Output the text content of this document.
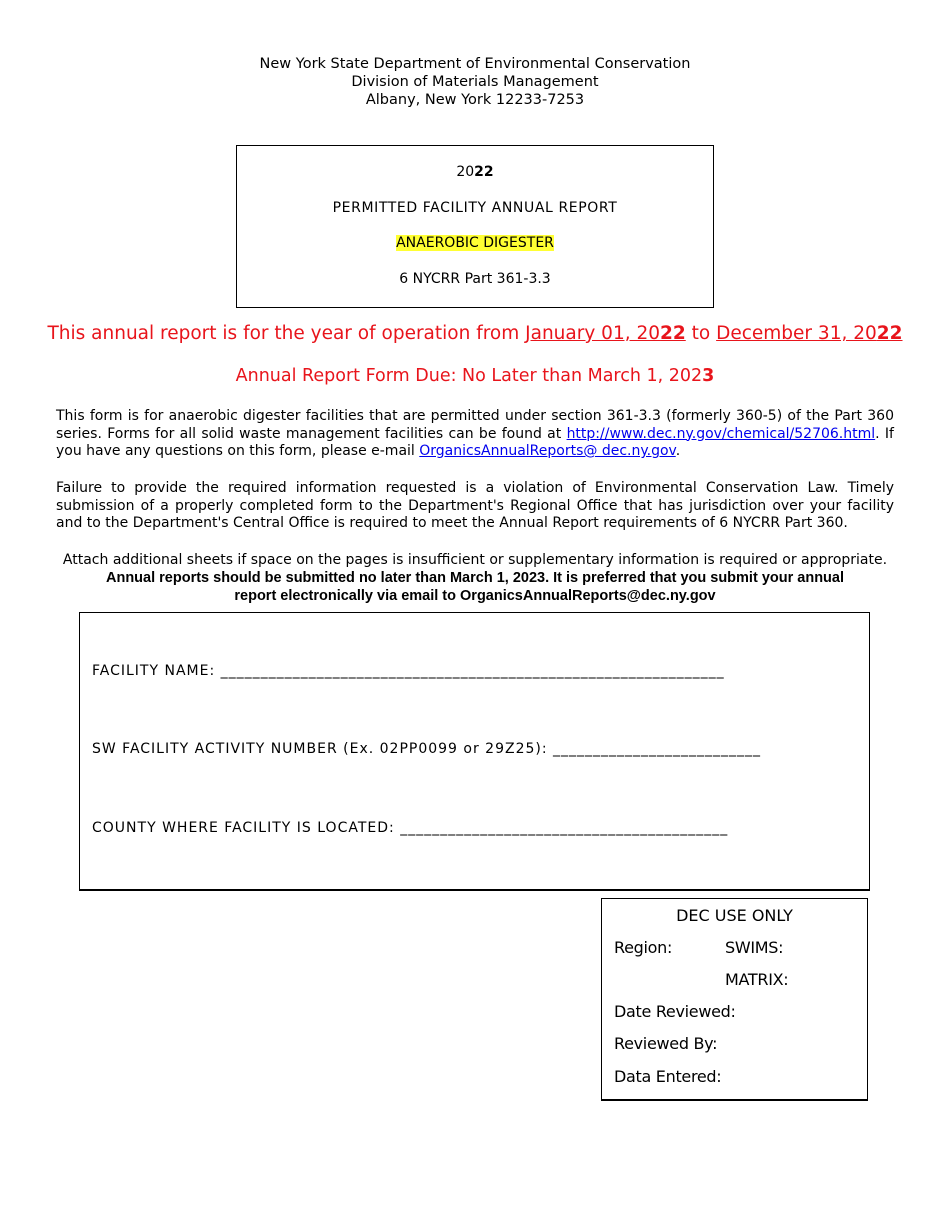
New York State Department of Environmental Conservation
Division of Materials Management
Albany, New York 12233-7253
2022
PERMITTED FACILITY ANNUAL REPORT
ANAEROBIC DIGESTER
6 NYCRR Part 361-3.3
This annual report is for the year of operation from January 01, 2022 to December 31, 2022
Annual Report Form Due: No Later than March 1, 2023
This form is for anaerobic digester facilities that are permitted under section 361-3.3 (formerly 360-5) of the Part 360 series. Forms for all solid waste management facilities can be found at http://www.dec.ny.gov/chemical/52706.html. If you have any questions on this form, please e-mail OrganicsAnnualReports@ dec.ny.gov.
Failure to provide the required information requested is a violation of Environmental Conservation Law. Timely submission of a properly completed form to the Department's Regional Office that has jurisdiction over your facility and to the Department's Central Office is required to meet the Annual Report requirements of 6 NYCRR Part 360.
Attach additional sheets if space on the pages is insufficient or supplementary information is required or appropriate.
Annual reports should be submitted no later than March 1, 2023. It is preferred that you submit your annual
report electronically via email to OrganicsAnnualReports@dec.ny.gov
FACILITY NAME: _______________________________________________________________
SW FACILITY ACTIVITY NUMBER (Ex. 02PP0099 or 29Z25): __________________________
COUNTY WHERE FACILITY IS LOCATED: _________________________________________
DEC USE ONLY
Region:	SWIMS:
MATRIX:
Date Reviewed:
Reviewed By:
Data Entered:
